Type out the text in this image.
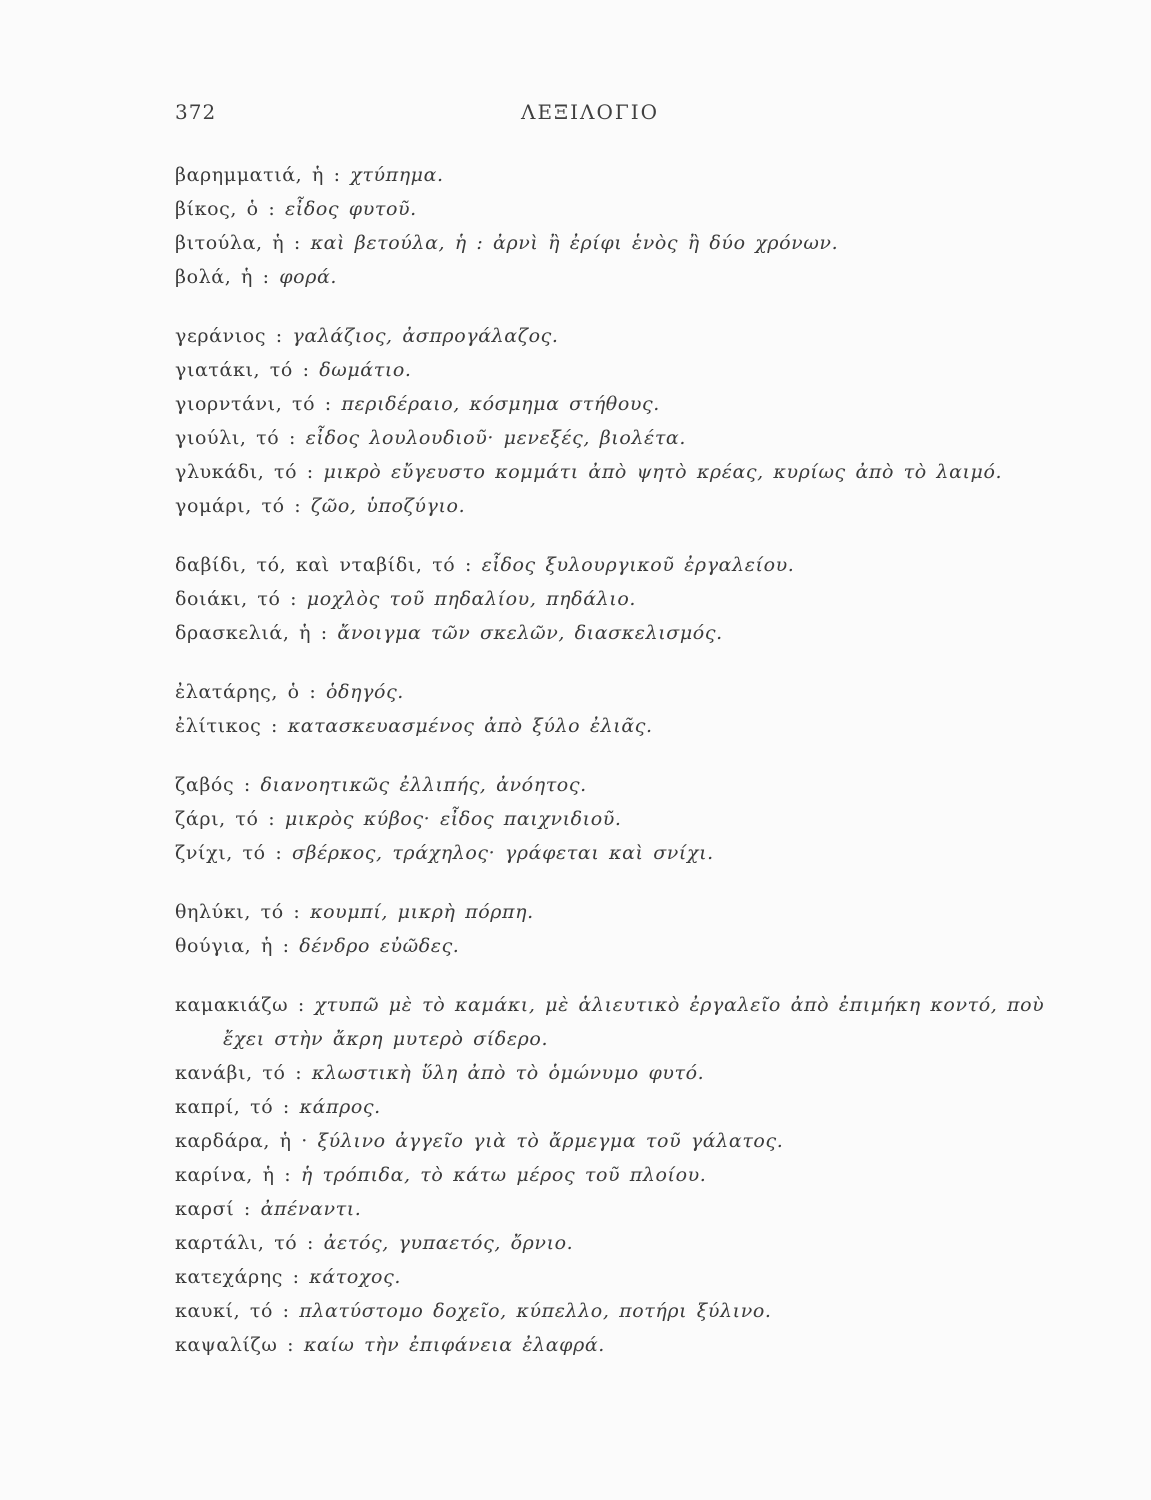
372	ΛΕΞΙΛΟΓΙΟ
βαρημματιά, ἡ : χτύπημα.
βίκος, ὁ : εἶδος φυτοῦ.
βιτούλα, ἡ : καὶ βετούλα, ἡ : ἀρνὶ ἢ ἐρίφι ἑνὸς ἢ δύο χρόνων.
βολά, ἡ : φορά.
γεράνιος : γαλάζιος, ἀσπρογάλαζος.
γιατάκι, τό : δωμάτιο.
γιορντάνι, τό : περιδέραιο, κόσμημα στήθους.
γιούλι, τό : εἶδος λουλουδιοῦ· μενεξές, βιολέτα.
γλυκάδι, τό : μικρὸ εὔγευστο κομμάτι ἀπὸ ψητὸ κρέας, κυρίως ἀπὸ τὸ λαιμό.
γομάρι, τό : ζῶο, ὑποζύγιο.
δαβίδι, τό, καὶ νταβίδι, τό : εἶδος ξυλουργικοῦ ἐργαλείου.
δοιάκι, τό : μοχλὸς τοῦ πηδαλίου, πηδάλιο.
δρασκελιά, ἡ : ἄνοιγμα τῶν σκελῶν, διασκελισμός.
ἐλατάρης, ὁ : ὁδηγός.
ἐλίτικος : κατασκευασμένος ἀπὸ ξύλο ἐλιᾶς.
ζαβός : διανοητικῶς ἐλλιπής, ἀνόητος.
ζάρι, τό : μικρὸς κύβος· εἶδος παιχνιδιοῦ.
ζνίχι, τό : σβέρκος, τράχηλος· γράφεται καὶ σνίχι.
θηλύκι, τό : κουμπί, μικρὴ πόρπη.
θούγια, ἡ : δένδρο εὐῶδες.
καμακιάζω : χτυπῶ μὲ τὸ καμάκι, μὲ ἁλιευτικὸ ἐργαλεῖο ἀπὸ ἐπιμήκη κοντό, ποὺ ἔχει στὴν ἄκρη μυτερὸ σίδερο.
κανάβι, τό : κλωστικὴ ὕλη ἀπὸ τὸ ὁμώνυμο φυτό.
καπρί, τό : κάπρος.
καρδάρα, ἡ · ξύλινο ἀγγεῖο γιὰ τὸ ἄρμεγμα τοῦ γάλατος.
καρίνα, ἡ : ἡ τρόπιδα, τὸ κάτω μέρος τοῦ πλοίου.
καρσί : ἀπέναντι.
καρτάλι, τό : ἀετός, γυπαετός, ὄρνιο.
κατεχάρης : κάτοχος.
καυκί, τό : πλατύστομο δοχεῖο, κύπελλο, ποτήρι ξύλινο.
καψαλίζω : καίω τὴν ἐπιφάνεια ἐλαφρά.
